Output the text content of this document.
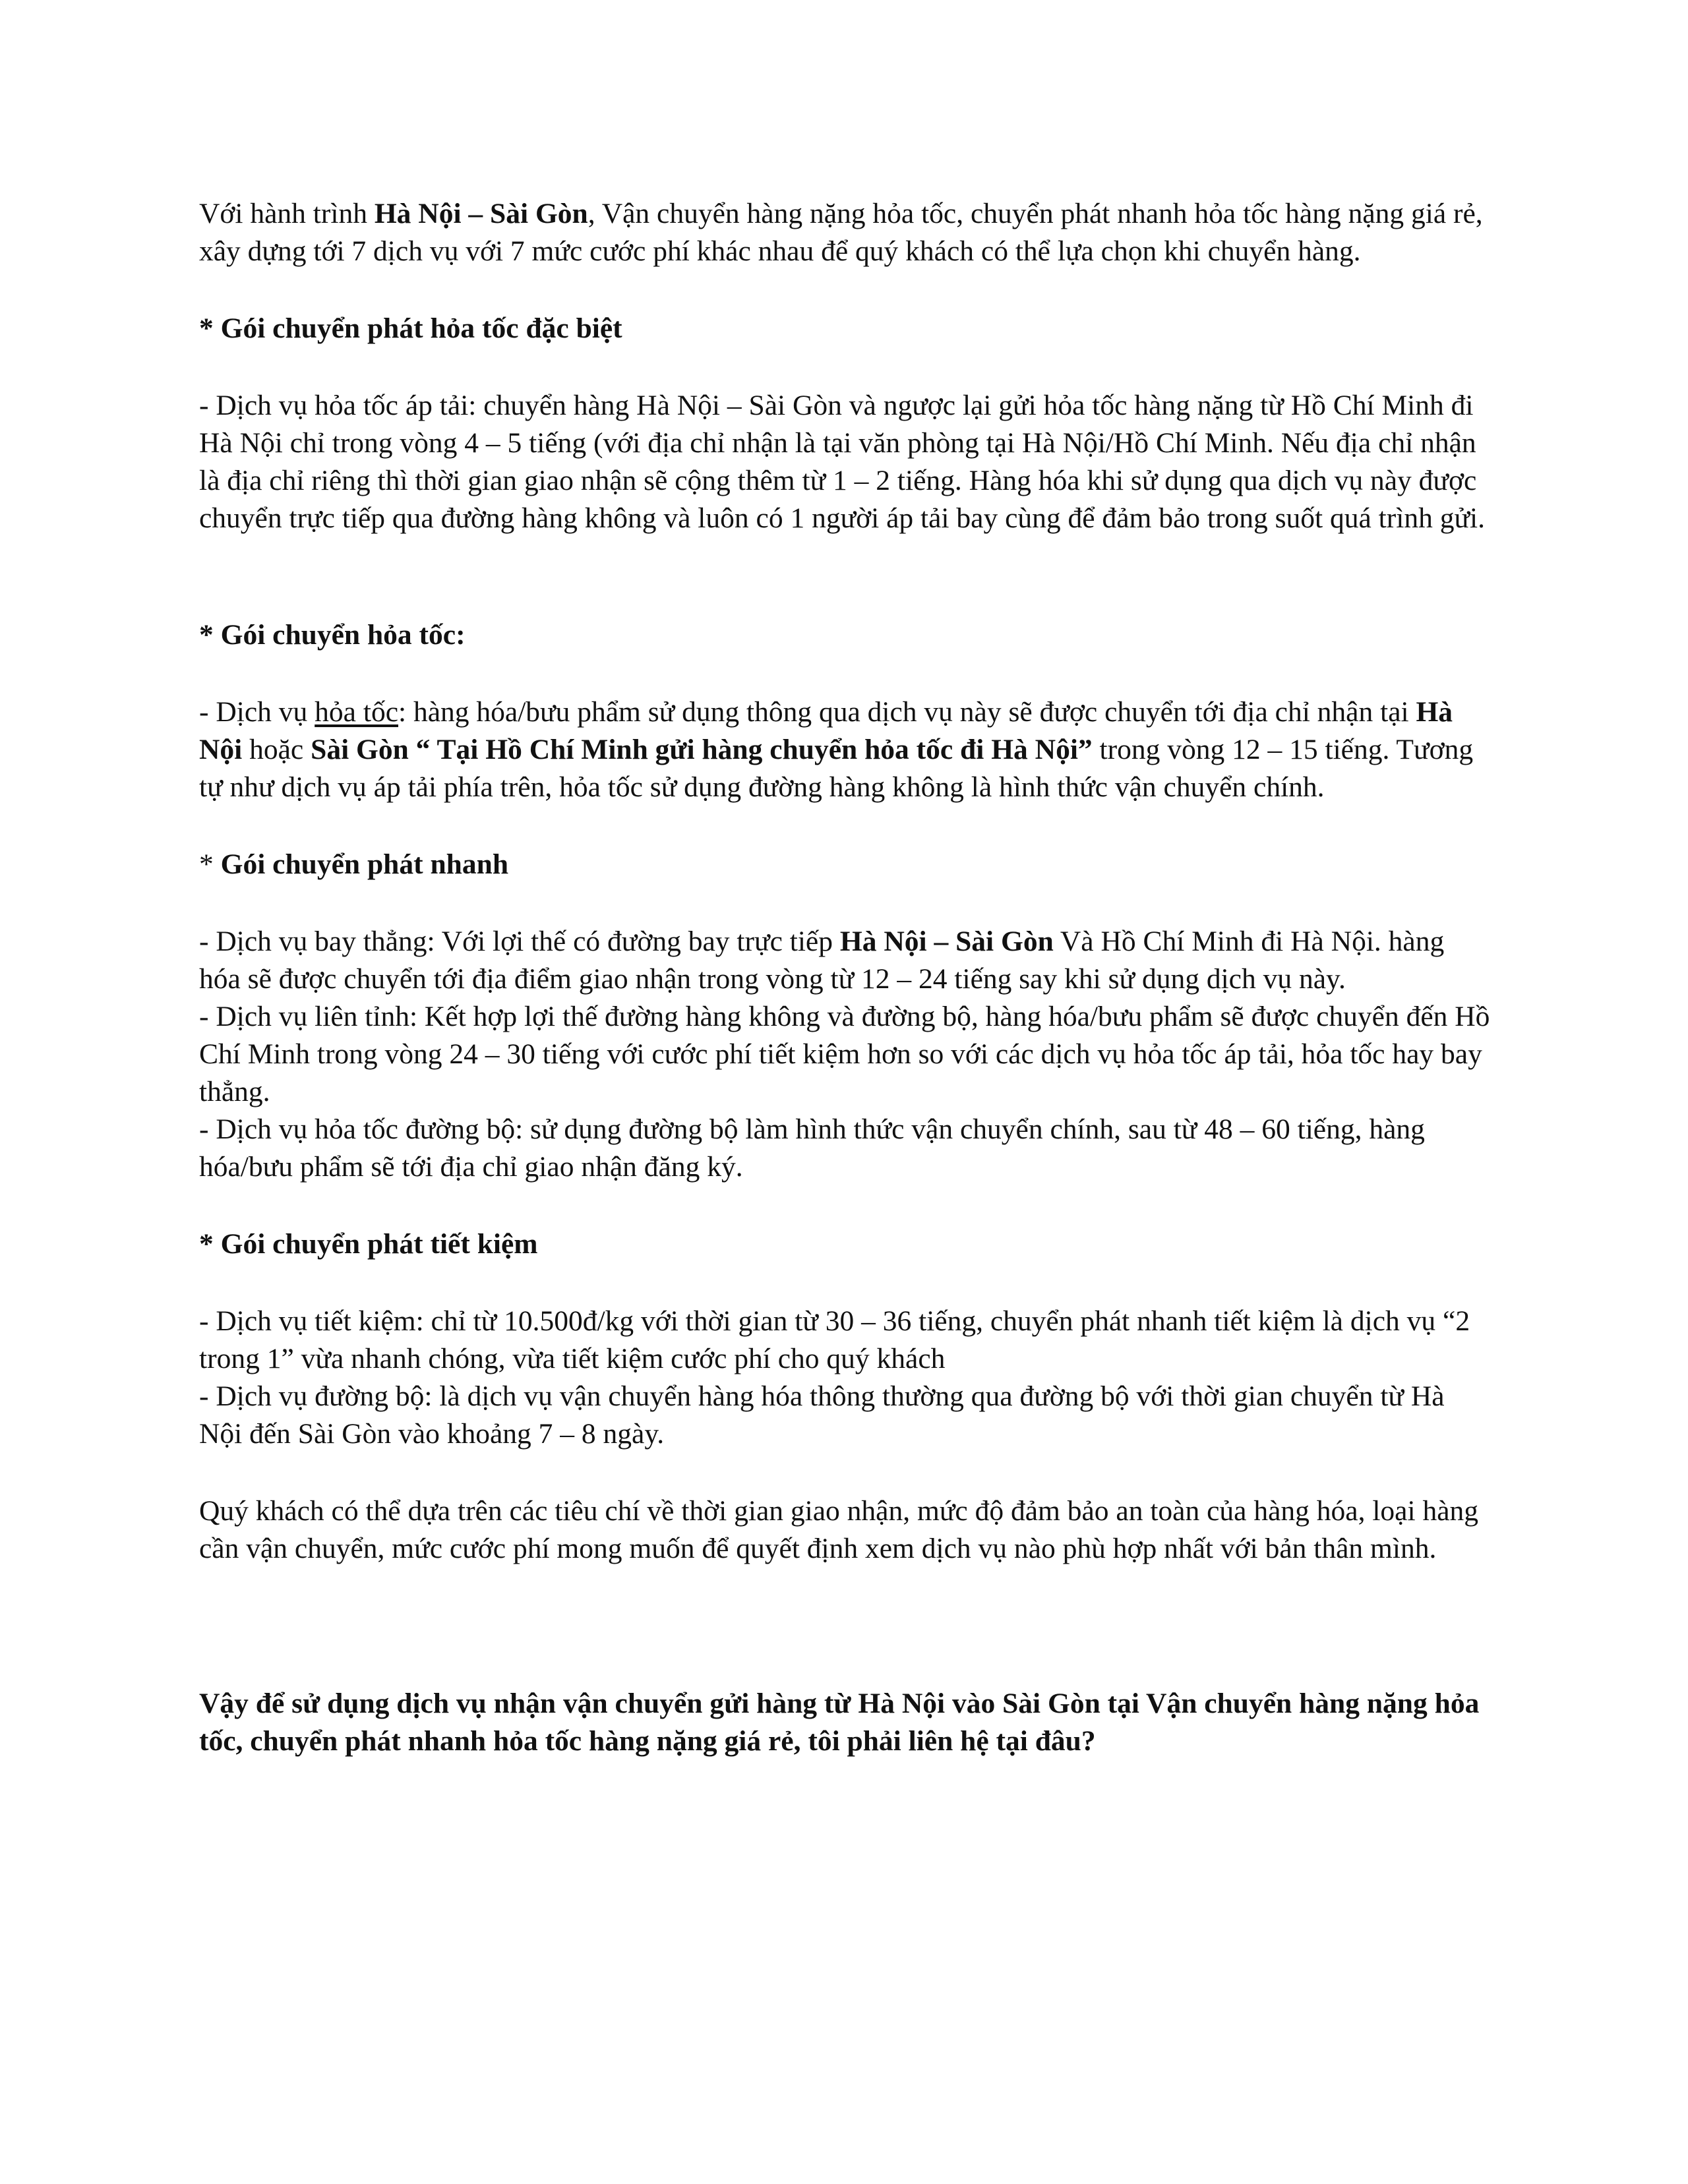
Với hành trình Hà Nội – Sài Gòn, Vận chuyển hàng nặng hỏa tốc, chuyển phát nhanh hỏa tốc hàng nặng giá rẻ, xây dựng tới 7 dịch vụ với 7 mức cước phí khác nhau để quý khách có thể lựa chọn khi chuyển hàng.

* Gói chuyển phát hỏa tốc đặc biệt

- Dịch vụ hỏa tốc áp tải: chuyển hàng Hà Nội – Sài Gòn và ngược lại gửi hỏa tốc hàng nặng từ Hồ Chí Minh đi Hà Nội chỉ trong vòng 4 – 5 tiếng (với địa chỉ nhận là tại văn phòng tại Hà Nội/Hồ Chí Minh. Nếu địa chỉ nhận là địa chỉ riêng thì thời gian giao nhận sẽ cộng thêm từ 1 – 2 tiếng. Hàng hóa khi sử dụng qua dịch vụ này được chuyển trực tiếp qua đường hàng không và luôn có 1 người áp tải bay cùng để đảm bảo trong suốt quá trình gửi.

* Gói chuyển hỏa tốc:

- Dịch vụ hỏa tốc: hàng hóa/bưu phẩm sử dụng thông qua dịch vụ này sẽ được chuyển tới địa chỉ nhận tại Hà Nội hoặc Sài Gòn “ Tại Hồ Chí Minh gửi hàng chuyển hỏa tốc đi Hà Nội” trong vòng 12 – 15 tiếng. Tương tự như dịch vụ áp tải phía trên, hỏa tốc sử dụng đường hàng không là hình thức vận chuyển chính.

* Gói chuyển phát nhanh

- Dịch vụ bay thẳng: Với lợi thế có đường bay trực tiếp Hà Nội – Sài Gòn Và Hồ Chí Minh đi Hà Nội. hàng hóa sẽ được chuyển tới địa điểm giao nhận trong vòng từ 12 – 24 tiếng say khi sử dụng dịch vụ này.

- Dịch vụ liên tỉnh: Kết hợp lợi thế đường hàng không và đường bộ, hàng hóa/bưu phẩm sẽ được chuyển đến Hồ Chí Minh trong vòng 24 – 30 tiếng với cước phí tiết kiệm hơn so với các dịch vụ hỏa tốc áp tải, hỏa tốc hay bay thẳng.

- Dịch vụ hỏa tốc đường bộ: sử dụng đường bộ làm hình thức vận chuyển chính, sau từ 48 – 60 tiếng, hàng hóa/bưu phẩm sẽ tới địa chỉ giao nhận đăng ký.

* Gói chuyển phát tiết kiệm

- Dịch vụ tiết kiệm: chỉ từ 10.500đ/kg với thời gian từ 30 – 36 tiếng, chuyển phát nhanh tiết kiệm là dịch vụ “2 trong 1” vừa nhanh chóng, vừa tiết kiệm cước phí cho quý khách

- Dịch vụ đường bộ: là dịch vụ vận chuyển hàng hóa thông thường qua đường bộ với thời gian chuyển từ Hà Nội đến Sài Gòn vào khoảng 7 – 8 ngày.

Quý khách có thể dựa trên các tiêu chí về thời gian giao nhận, mức độ đảm bảo an toàn của hàng hóa, loại hàng cần vận chuyển, mức cước phí mong muốn để quyết định xem dịch vụ nào phù hợp nhất với bản thân mình.

Vậy để sử dụng dịch vụ nhận vận chuyển gửi hàng từ Hà Nội vào Sài Gòn tại Vận chuyển hàng nặng hỏa tốc, chuyển phát nhanh hỏa tốc hàng nặng giá rẻ, tôi phải liên hệ tại đâu?
